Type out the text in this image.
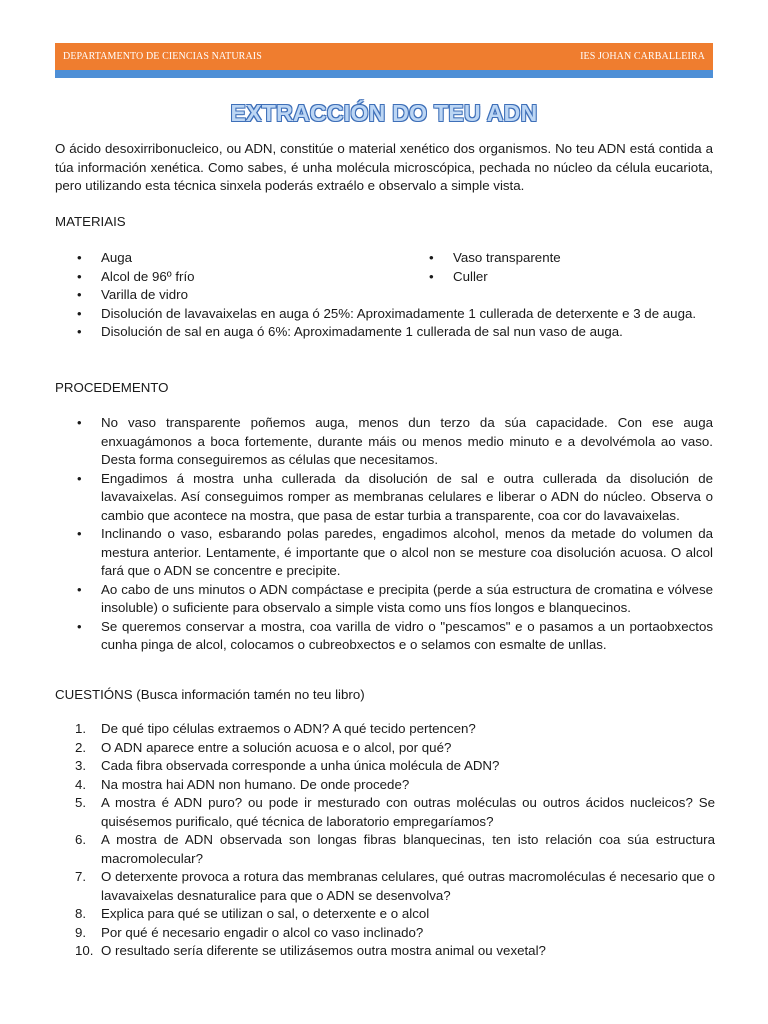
DEPARTAMENTO DE CIENCIAS NATURAIS	IES JOHAN CARBALLEIRA
EXTRACCIÓN DO TEU ADN

O ácido desoxirribonucleico, ou ADN, constitúe o material xenético dos organismos. No teu ADN está contida a túa información xenética. Como sabes, é unha molécula microscópica, pechada no núcleo da célula eucariota, pero utilizando esta técnica sinxela poderás extraélo e observalo a simple vista.

MATERIAIS
• Auga	• Vaso transparente
• Alcol de 96º frío	• Culler
• Varilla de vidro
• Disolución de lavavaixelas en auga ó 25%: Aproximadamente 1 cullerada de deterxente e 3 de auga.
• Disolución de sal en auga ó 6%: Aproximadamente 1 cullerada de sal nun vaso de auga.
PROCEDEMENTO
• No vaso transparente poñemos auga, menos dun terzo da súa capacidade. Con ese auga enxuagámonos a boca fortemente, durante máis ou menos medio minuto e a devolvémola ao vaso. Desta forma conseguiremos as células que necesitamos.
• Engadimos á mostra unha cullerada da disolución de sal e outra cullerada da disolución de lavavaixelas. Así conseguimos romper as membranas celulares e liberar o ADN do núcleo. Observa o cambio que acontece na mostra, que pasa de estar turbia a transparente, coa cor do lavavaixelas.
• Inclinando o vaso, esbarando polas paredes, engadimos alcohol, menos da metade do volumen da mestura anterior. Lentamente, é importante que o alcol non se mesture coa disolución acuosa. O alcol fará que o ADN se concentre e precipite.
• Ao cabo de uns minutos o ADN compáctase e precipita (perde a súa estructura de cromatina e vólvese insoluble) o suficiente para observalo a simple vista como uns fíos longos e blanquecinos.
• Se queremos conservar a mostra, coa varilla de vidro o "pescamos" e o pasamos a un portaobxectos cunha pinga de alcol, colocamos o cubreobxectos e o selamos con esmalte de unllas.
CUESTIÓNS (Busca información tamén no teu libro)
1.	De qué tipo células extraemos o ADN? A qué tecido pertencen?
2.	O ADN aparece entre a solución acuosa e o alcol, por qué?
3.	Cada fibra observada corresponde a unha única molécula de ADN?
4.	Na mostra hai ADN non humano. De onde procede?
5.	A mostra é ADN puro? ou pode ir mesturado con outras moléculas ou outros ácidos nucleicos? Se quisésemos purificalo, qué técnica de laboratorio empregaríamos?
6.	A mostra de ADN observada son longas fibras blanquecinas, ten isto relación coa súa estructura macromolecular?
7.	O deterxente provoca a rotura das membranas celulares, qué outras macromoléculas é necesario que o lavavaixelas desnaturalice para que o ADN se desenvolva?
8.	Explica para qué se utilizan o sal, o deterxente e o alcol
9.	Por qué é necesario engadir o alcol co vaso inclinado?
10. O resultado sería diferente se utilizásemos outra mostra animal ou vexetal?
